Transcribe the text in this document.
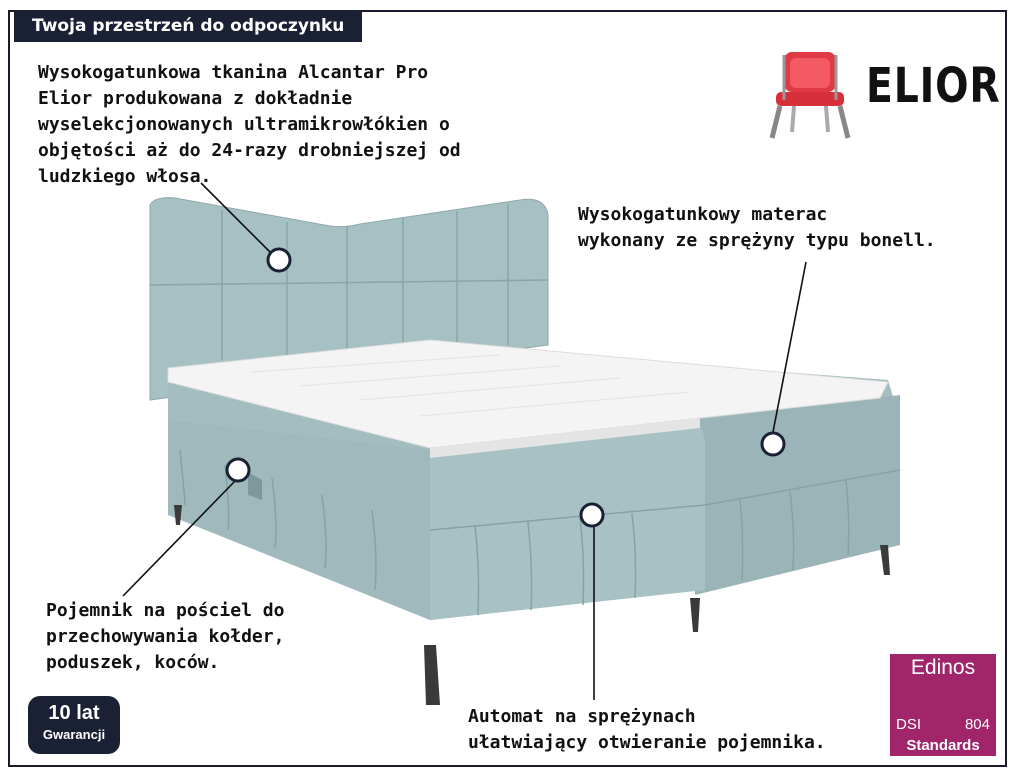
Twoja przestrzeń do odpoczynku
ELIOR
Wysokogatunkowa tkanina Alcantar Pro
Elior produkowana z dokładnie
wyselekcjonowanych ultramikrowłókien o
objętości aż do 24-razy drobniejszej od
ludzkiego włosa.
Wysokogatunkowy materac
wykonany ze sprężyny typu bonell.
Pojemnik na pościel do
przechowywania kołder,
poduszek, koców.
Automat na sprężynach
ułatwiający otwieranie pojemnika.
10 lat
Gwarancji
Edinos
DSI	804
Standards
